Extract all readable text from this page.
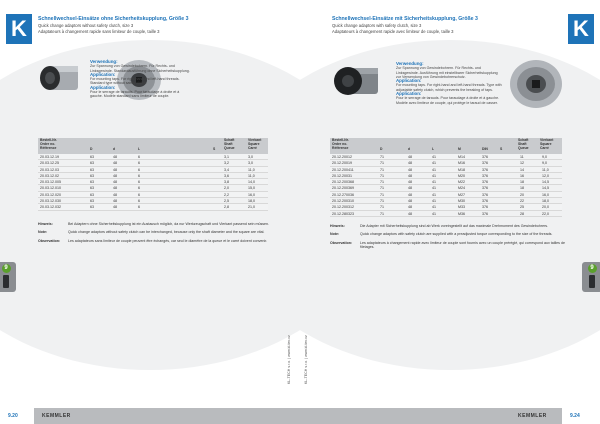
K	Schnellwechsel-Einsätze ohne Sicherheitskupplung, Größe 3
Quick change adaptors without safety clutch, size 3
Adaptateurs à changement rapide sans limiteur de couple, taille 3
Verwendung:
Zur Spannung von Gewindebohrern. Für Rechts- und Linksgewinde. Standardausführung ohne Sicherheitskupplung.
Application:
For mounting taps. For right-hand and left-hand threads. Standard type without safety clutch.
Application:
Pour le serrage de tarauds. Pour taraudage à droite et à gauche. Modèle standard sans limiteur de couple.
Bestell-Nr.
Order no.
Référence	D	d	L	S
Schaft
Shaft
Queue
Vierkant
Square
Carré
20.03.12.19	63	48	6	3,1	3,0
20.03.12.25	63	48	6	3,2	3,0
20.03.12.03	63	48	6	3,4	11,0
20.03.12.02	63	48	6	3,6	11,0
20.03.12.005	63	48	6	3,8	14,0
20.03.12.010	63	48	6	2,0	15,0
20.03.12.020	63	48	6	2,2	16,0
20.03.12.030	63	48	6	2,5	18,0
20.03.12.032	63	48	6	2,8	21,0
Hinweis:	Bei Adaptern ohne Sicherheitskupplung ist ein Austausch möglich, da nur Werkzeugschaft und Vierkant passend sein müssen.
Note:	Quick change adaptors without safety clutch can be interchanged, because only the shaft diameter and the square are vital.
Observation:	Les adaptateurs sans limiteur de couple peuvent être échangés, car seul le diamètre de la queue et le carré doivent convenir.
9
KL-TECH s.r.o. | www.kl-tec.cz
9.20	KEMMLER
K
Schnellwechsel-Einsätze mit Sicherheitskupplung, Größe 3
Quick change adaptors with safety clutch, size 3
Adaptateurs à changement rapide avec limiteur de couple, taille 3
Verwendung:
Zur Spannung von Gewindebohrern. Für Rechts- und Linksgewinde. Ausführung mit einstellbarer Sicherheitskupplung zur Verwendung von Gewindebohrerschutz.
Application:
For mounting taps. For right-hand and left-hand threads. Type with adjustable safety clutch, which prevents the breaking of taps.
Application:
Pour le serrage de tarauds. Pour taraudage à droite et à gauche. Modèle avec limiteur de couple, qui protège le taraud de casser.
Bestell-Nr.
Order no.
Référence	D	d	L	M	DIN	S
Schaft
Shaft
Queue
Vierkant
Square
Carré
20.12.20012	71	48	41	M14	376	11	9,0
20.12.20019	71	48	41	M16	376	12	9,0
20.12.200411	71	48	41	M18	376	14	11,0
20.12.20031	71	48	41	M20	376	16	12,0
20.12.200368	71	48	41	M22	376	18	14,5
20.12.200369	71	48	41	M24	376	18	14,5
20.12.270036	71	48	41	M27	376	20	16,0
20.12.200310	71	48	41	M30	376	22	18,0
20.12.200312	71	48	41	M33	376	25	20,0
20.12.280323	71	48	41	M36	376	28	22,0
Hinweis:	Die Adapter mit Sicherheitskupplung sind ab Werk voreingestellt auf das maximale Drehmoment des Gewindebohrers.
Note:	Quick change adaptors with safety clutch are supplied with a preadjusted torque corresponding to the size of the threads.
Observation:	Les adaptateurs à changement rapide avec limiteur de couple sont fournis avec un couple préréglé, qui correspond aux tailles de filetages.
9
KL-TECH s.r.o. | www.kl-tec.cz
KEMMLER	9.24
